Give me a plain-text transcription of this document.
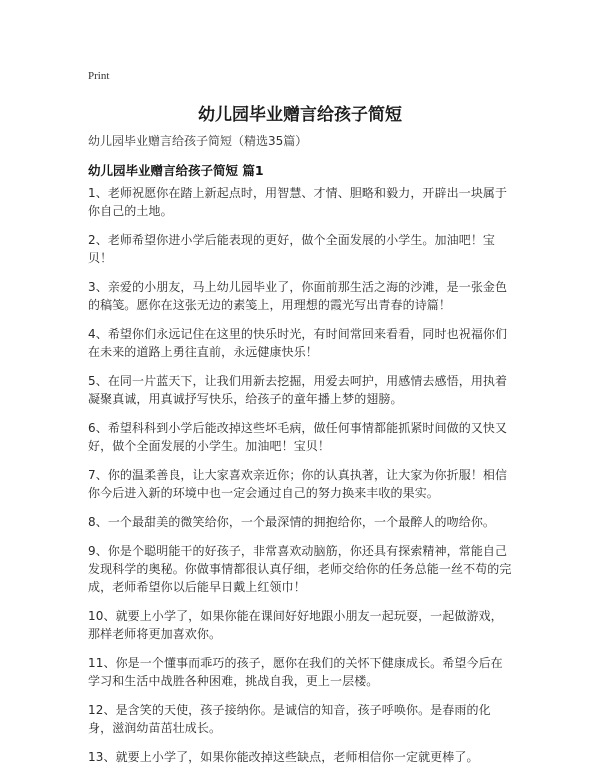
Print
幼儿园毕业赠言给孩子简短
幼儿园毕业赠言给孩子简短（精选35篇）
幼儿园毕业赠言给孩子简短 篇1

1、老师祝愿你在踏上新起点时，用智慧、才情、胆略和毅力，开辟出一块属于你自己的土地。

2、老师希望你进小学后能表现的更好，做个全面发展的小学生。加油吧！宝贝！

3、亲爱的小朋友，马上幼儿园毕业了，你面前那生活之海的沙滩，是一张金色的稿笺。愿你在这张无边的素笺上，用理想的霞光写出青春的诗篇！

4、希望你们永远记住在这里的快乐时光，有时间常回来看看，同时也祝福你们在未来的道路上勇往直前，永远健康快乐！

5、在同一片蓝天下，让我们用新去挖掘，用爱去呵护，用感情去感悟，用执着凝聚真诚，用真诚抒写快乐，给孩子的童年播上梦的翅膀。

6、希望科科到小学后能改掉这些坏毛病，做任何事情都能抓紧时间做的又快又好，做个全面发展的小学生。加油吧！宝贝！

7、你的温柔善良，让大家喜欢亲近你；你的认真执著，让大家为你折服！相信你今后进入新的环境中也一定会通过自己的努力换来丰收的果实。

8、一个最甜美的微笑给你，一个最深情的拥抱给你，一个最醉人的吻给你。

9、你是个聪明能干的好孩子，非常喜欢动脑筋，你还具有探索精神，常能自己发现科学的奥秘。你做事情都很认真仔细，老师交给你的任务总能一丝不苟的完成，老师希望你以后能早日戴上红领巾！

10、就要上小学了，如果你能在课间好好地跟小朋友一起玩耍，一起做游戏，那样老师将更加喜欢你。

11、你是一个懂事而乖巧的孩子，愿你在我们的关怀下健康成长。希望今后在学习和生活中战胜各种困难，挑战自我，更上一层楼。

12、是含笑的天使，孩子接纳你。是诚信的知音，孩子呼唤你。是春雨的化身，滋润幼苗茁壮成长。

13、就要上小学了，如果你能改掉这些缺点，老师相信你一定就更棒了。
